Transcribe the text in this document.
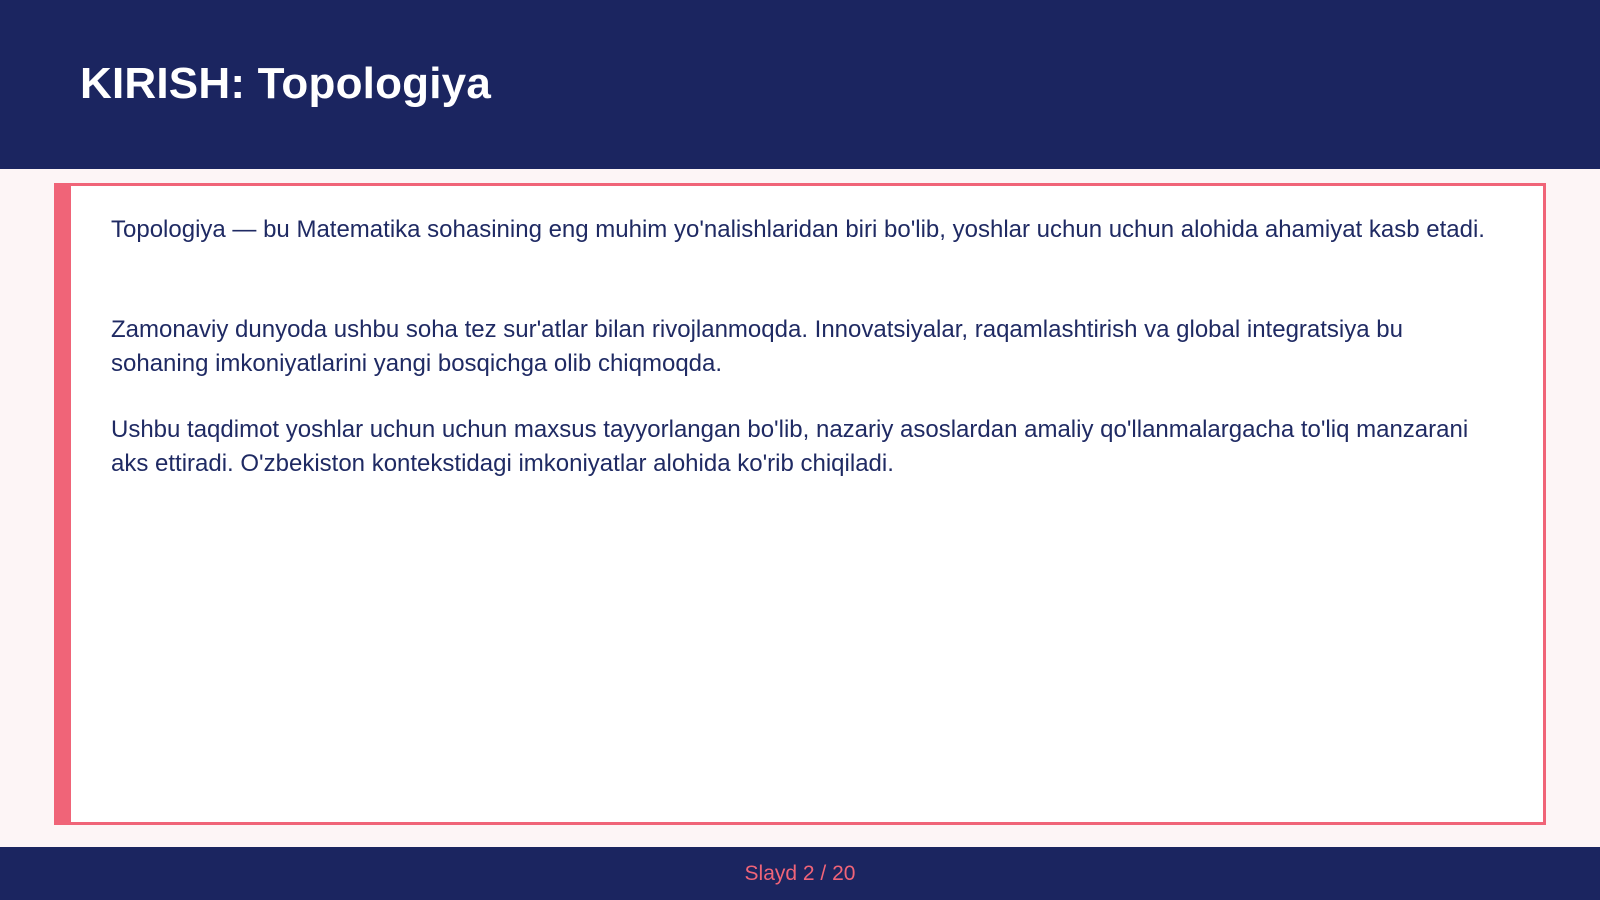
KIRISH: Topologiya

Topologiya — bu Matematika sohasining eng muhim yo'nalishlaridan biri bo'lib, yoshlar uchun uchun alohida ahamiyat kasb etadi.

Zamonaviy dunyoda ushbu soha tez sur'atlar bilan rivojlanmoqda. Innovatsiyalar, raqamlashtirish va global integratsiya bu sohaning imkoniyatlarini yangi bosqichga olib chiqmoqda.

Ushbu taqdimot yoshlar uchun uchun maxsus tayyorlangan bo'lib, nazariy asoslardan amaliy qo'llanmalargacha to'liq manzarani aks ettiradi. O'zbekiston kontekstidagi imkoniyatlar alohida ko'rib chiqiladi.

Slayd 2 / 20
